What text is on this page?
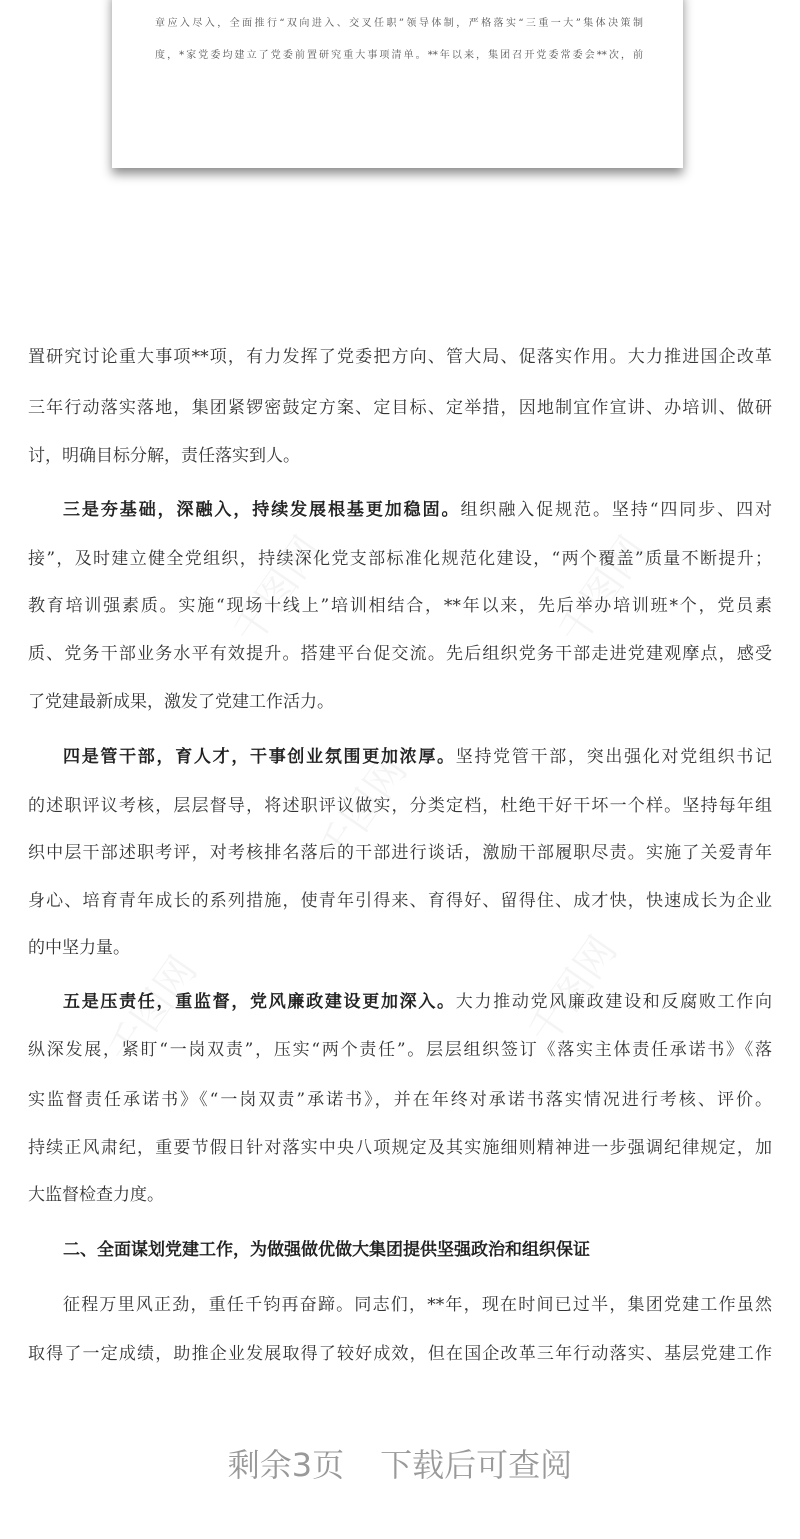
章应入尽入，全面推行“双向进入、交叉任职”领导体制，严格落实“三重一大”集体决策制
度，*家党委均建立了党委前置研究重大事项清单。**年以来，集团召开党委常委会**次，前
置研究讨论重大事项**项，有力发挥了党委把方向、管大局、促落实作用。大力推进国企改革
三年行动落实落地，集团紧锣密鼓定方案、定目标、定举措，因地制宜作宣讲、办培训、做研
讨，明确目标分解，责任落实到人。
三是夯基础，深融入，持续发展根基更加稳固。组织融入促规范。坚持“四同步、四对
接”，及时建立健全党组织，持续深化党支部标准化规范化建设，“两个覆盖”质量不断提升；
教育培训强素质。实施“现场十线上”培训相结合，**年以来，先后举办培训班*个，党员素
质、党务干部业务水平有效提升。搭建平台促交流。先后组织党务干部走进党建观摩点，感受
了党建最新成果，激发了党建工作活力。
四是管干部，育人才，干事创业氛围更加浓厚。坚持党管干部，突出强化对党组织书记
的述职评议考核，层层督导，将述职评议做实，分类定档，杜绝干好干坏一个样。坚持每年组
织中层干部述职考评，对考核排名落后的干部进行谈话，激励干部履职尽责。实施了关爱青年
身心、培育青年成长的系列措施，使青年引得来、育得好、留得住、成才快，快速成长为企业
的中坚力量。
五是压责任，重监督，党风廉政建设更加深入。大力推动党风廉政建设和反腐败工作向
纵深发展，紧盯“一岗双责”，压实“两个责任”。层层组织签订《落实主体责任承诺书》《落
实监督责任承诺书》《“一岗双责”承诺书》，并在年终对承诺书落实情况进行考核、评价。
持续正风肃纪，重要节假日针对落实中央八项规定及其实施细则精神进一步强调纪律规定，加
大监督检查力度。
二、全面谋划党建工作，为做强做优做大集团提供坚强政治和组织保证
征程万里风正劲，重任千钧再奋蹄。同志们，**年，现在时间已过半，集团党建工作虽然
取得了一定成绩，助推企业发展取得了较好成效，但在国企改革三年行动落实、基层党建工作
剩余3页 下载后可查阅
